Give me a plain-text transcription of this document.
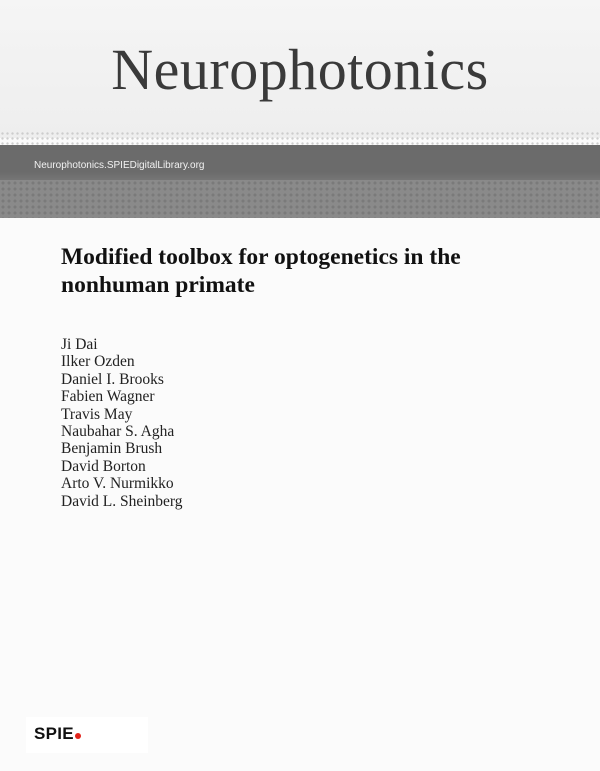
Neurophotonics
Neurophotonics.SPIEDigitalLibrary.org
Modified toolbox for optogenetics in the nonhuman primate
Ji Dai
Ilker Ozden
Daniel I. Brooks
Fabien Wagner
Travis May
Naubahar S. Agha
Benjamin Brush
David Borton
Arto V. Nurmikko
David L. Sheinberg
SPIE
